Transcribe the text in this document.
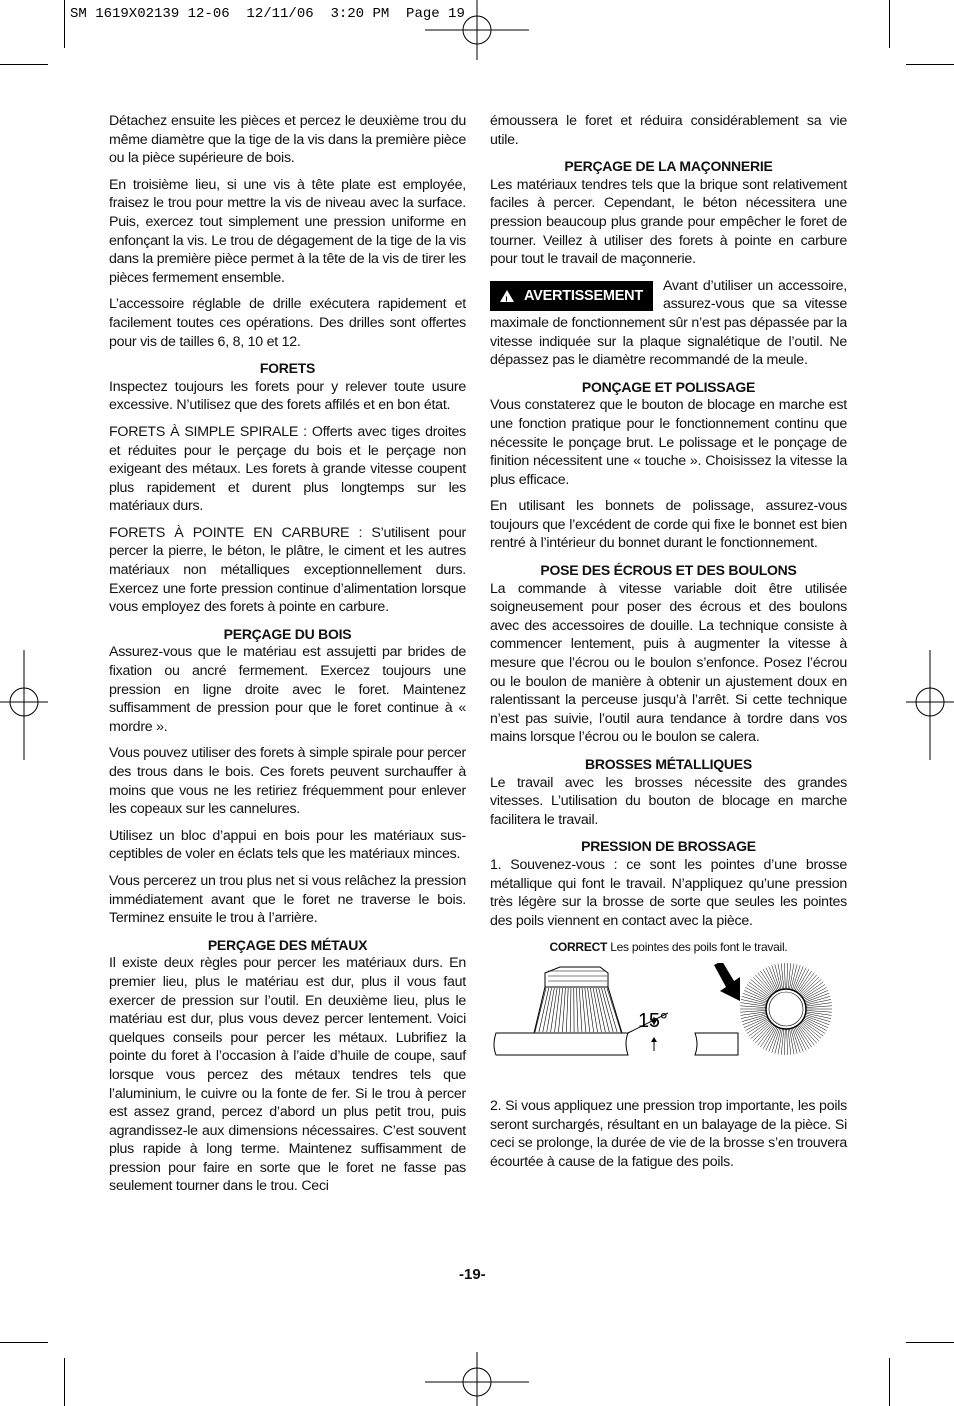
SM 1619X02139 12-06  12/11/06  3:20 PM  Page 19

Détachez ensuite les pièces et percez le deuxième trou du même diamètre que la tige de la vis dans la première pièce ou la pièce supérieure de bois.

En troisième lieu, si une vis à tête plate est employée, fraisez le trou pour mettre la vis de niveau avec la surface. Puis, exercez tout simplement une pression uniforme en enfonçant la vis. Le trou de dégagement de la tige de la vis dans la première pièce permet à la tête de la vis de tirer les pièces fermement ensemble.

L’accessoire réglable de drille exécutera rapidement et facilement toutes ces opérations. Des drilles sont offertes pour vis de tailles 6, 8, 10 et 12.

FORETS

Inspectez toujours les forets pour y relever toute usure excessive. N’utilisez que des forets affilés et en bon état.

FORETS À SIMPLE SPIRALE : Offerts avec tiges droites et réduites pour le perçage du bois et le perçage non exigeant des métaux. Les forets à grande vitesse coupent plus rapidement et durent plus longtemps sur les matériaux durs.

FORETS À POINTE EN CARBURE : S’utilisent pour percer la pierre, le béton, le plâtre, le ciment et les autres matériaux non métalliques exceptionnellement durs. Exercez une forte pression continue d’alimentation lorsque vous employez des forets à pointe en carbure.

PERÇAGE DU BOIS

Assurez-vous que le matériau est assujetti par brides de fixation ou ancré fermement. Exercez toujours une pression en ligne droite avec le foret. Maintenez suffisamment de pression pour que le foret continue à « mordre ».

Vous pouvez utiliser des forets à simple spirale pour percer des trous dans le bois. Ces forets peuvent surchauffer à moins que vous ne les retiriez fréquemment pour enlever les copeaux sur les cannelures.

Utilisez un bloc d’appui en bois pour les matériaux sus-ceptibles de voler en éclats tels que les matériaux minces.

Vous percerez un trou plus net si vous relâchez la pression immédiatement avant que le foret ne traverse le bois. Terminez ensuite le trou à l’arrière.

PERÇAGE DES MÉTAUX

Il existe deux règles pour percer les matériaux durs. En premier lieu, plus le matériau est dur, plus il vous faut exercer de pression sur l’outil. En deuxième lieu, plus le matériau est dur, plus vous devez percer lentement. Voici quelques conseils pour percer les métaux. Lubrifiez la pointe du foret à l’occasion à l’aide d’huile de coupe, sauf lorsque vous percez des métaux tendres tels que l’aluminium, le cuivre ou la fonte de fer. Si le trou à percer est assez grand, percez d’abord un plus petit trou, puis agrandissez-le aux dimensions nécessaires. C’est souvent plus rapide à long terme. Maintenez suffisamment de pression pour faire en sorte que le foret ne fasse pas seulement tourner dans le trou. Ceci

émoussera le foret et réduira considérablement sa vie utile.

PERÇAGE DE LA MAÇONNERIE

Les matériaux tendres tels que la brique sont relativement faciles à percer. Cependant, le béton nécessitera une pression beaucoup plus grande pour empêcher le foret de tourner. Veillez à utiliser des forets à pointe en carbure pour tout le travail de maçonnerie.

!
AVERTISSEMENT
Avant d’utiliser un accessoire, assurez-vous que sa vitesse maximale de fonctionnement sûr n’est pas dépassée par la vitesse indiquée sur la plaque signalétique de l’outil. Ne dépassez pas le diamètre recommandé de la meule.
PONÇAGE ET POLISSAGE

Vous constaterez que le bouton de blocage en marche est une fonction pratique pour le fonctionnement continu que nécessite le ponçage brut. Le polissage et le ponçage de finition nécessitent une « touche ». Choisissez la vitesse la plus efficace.

En utilisant les bonnets de polissage, assurez-vous toujours que l’excédent de corde qui fixe le bonnet est bien rentré à l’intérieur du bonnet durant le fonctionnement.

POSE DES ÉCROUS ET DES BOULONS

La commande à vitesse variable doit être utilisée soigneusement pour poser des écrous et des boulons avec des accessoires de douille. La technique consiste à commencer lentement, puis à augmenter la vitesse à mesure que l’écrou ou le boulon s’enfonce. Posez l’écrou ou le boulon de manière à obtenir un ajustement doux en ralentissant la perceuse jusqu’à l’arrêt. Si cette technique n’est pas suivie, l’outil aura tendance à tordre dans vos mains lorsque l’écrou ou le boulon se calera.

BROSSES MÉTALLIQUES

Le travail avec les brosses nécessite des grandes vitesses. L’utilisation du bouton de blocage en marche facilitera le travail.

PRESSION DE BROSSAGE

1. Souvenez-vous : ce sont les pointes d’une brosse métallique qui font le travail. N’appliquez qu’une pression très légère sur la brosse de sorte que seules les pointes des poils viennent en contact avec la pièce.

CORRECT Les pointes des poils font le travail.
15°

2. Si vous appliquez une pression trop importante, les poils seront surchargés, résultant en un balayage de la pièce. Si ceci se prolonge, la durée de vie de la brosse s’en trouvera écourtée à cause de la fatigue des poils.

-19-
